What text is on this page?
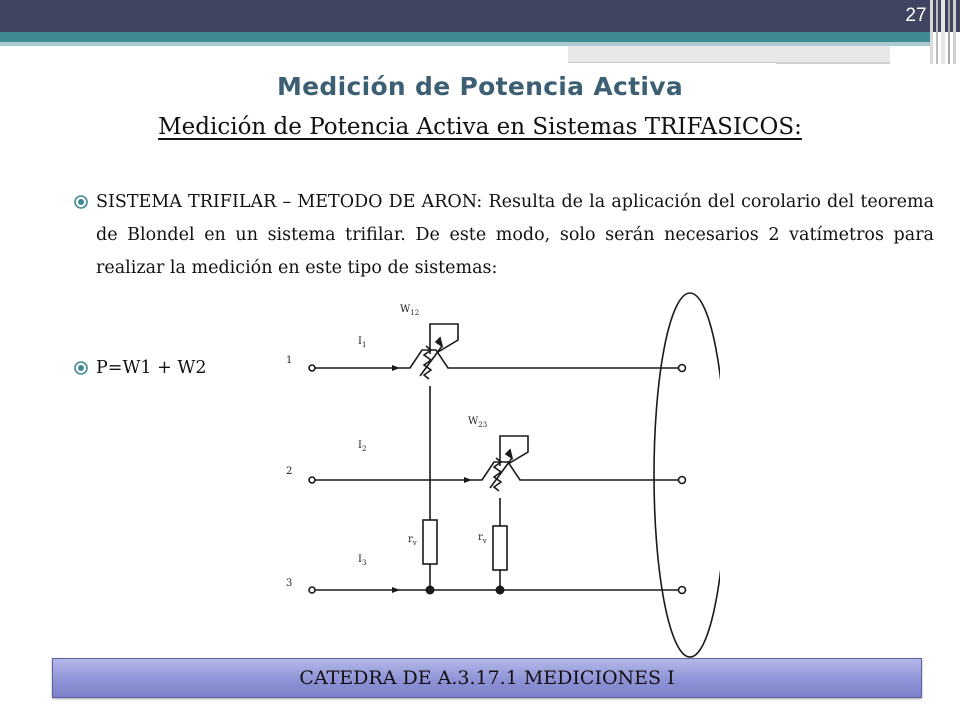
27
Medición de Potencia Activa
Medición de Potencia Activa en Sistemas TRIFASICOS:
SISTEMA TRIFILAR – METODO DE ARON: Resulta de la aplicación del corolario del teorema de Blondel en un sistema trifilar. De este modo, solo serán necesarios 2 vatímetros para realizar la medición en este tipo de sistemas:
P=W1 + W2	1
2
3
$I_1$
$I_2$
$I_3$
$W_{12}$
$W_{23}$
$r_v$	$r_v$
CATEDRA DE A.3.17.1 MEDICIONES I
